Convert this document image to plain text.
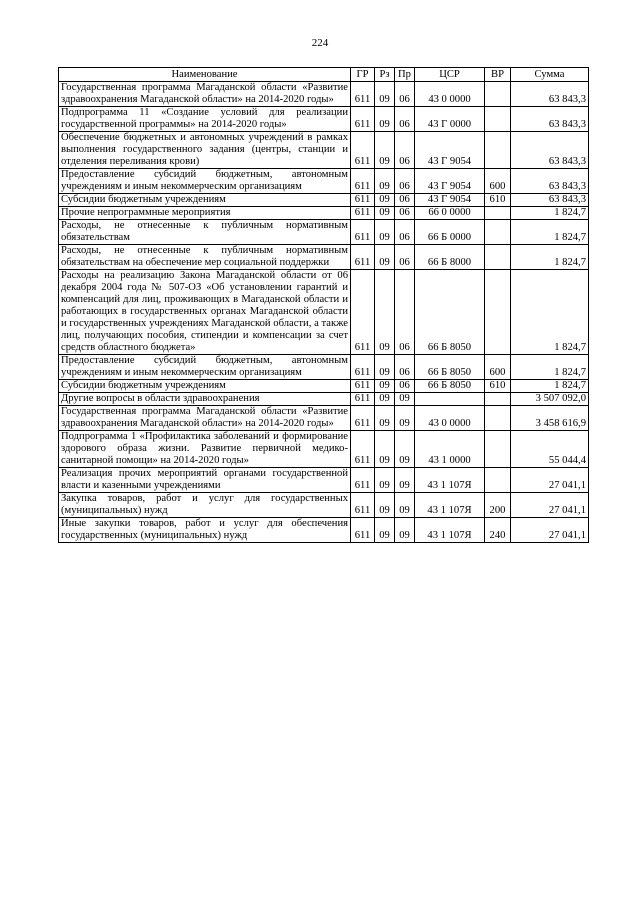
224
Наименование	ГР	Рз	Пр	ЦСР	ВР	Сумма
Государственная программа Магаданской области «Развитие здравоохранения Магаданской области» на 2014-2020 годы»	611	09	06	43 0 0000		63 843,3
Подпрограмма 11 «Создание условий для реализации государственной программы» на 2014-2020 годы»	611	09	06	43 Г 0000		63 843,3
Обеспечение бюджетных и автономных учреждений в рамках выполнения государственного задания (центры, станции и отделения переливания крови)	611	09	06	43 Г 9054		63 843,3
Предоставление субсидий бюджетным, автономным учреждениям и иным некоммерческим организациям	611	09	06	43 Г 9054	600	63 843,3
Субсидии бюджетным учреждениям	611	09	06	43 Г 9054	610	63 843,3
Прочие непрограммные мероприятия	611	09	06	66 0 0000		1 824,7
Расходы, не отнесенные к публичным нормативным обязательствам	611	09	06	66 Б 0000		1 824,7
Расходы, не отнесенные к публичным нормативным обязательствам на обеспечение мер социальной поддержки	611	09	06	66 Б 8000		1 824,7
Расходы на реализацию Закона Магаданской области от 06 декабря 2004 года № 507-ОЗ «Об установлении гарантий и компенсаций для лиц, проживающих в Магаданской области и работающих в государственных органах Магаданской области и государственных учреждениях Магаданской области, а также лиц, получающих пособия, стипендии и компенсации за счет средств областного бюджета»	611	09	06	66 Б 8050		1 824,7
Предоставление субсидий бюджетным, автономным учреждениям и иным некоммерческим организациям	611	09	06	66 Б 8050	600	1 824,7
Субсидии бюджетным учреждениям	611	09	06	66 Б 8050	610	1 824,7
Другие вопросы в области здравоохранения	611	09	09			3 507 092,0
Государственная программа Магаданской области «Развитие здравоохранения Магаданской области» на 2014-2020 годы»	611	09	09	43 0 0000		3 458 616,9
Подпрограмма 1 «Профилактика заболеваний и формирование здорового образа жизни. Развитие первичной медико-санитарной помощи» на 2014-2020 годы»	611	09	09	43 1 0000		55 044,4
Реализация прочих мероприятий органами государственной власти и казенными учреждениями	611	09	09	43 1 107Я		27 041,1
Закупка товаров, работ и услуг для государственных (муниципальных) нужд	611	09	09	43 1 107Я	200	27 041,1
Иные закупки товаров, работ и услуг для обеспечения государственных (муниципальных) нужд	611	09	09	43 1 107Я	240	27 041,1
